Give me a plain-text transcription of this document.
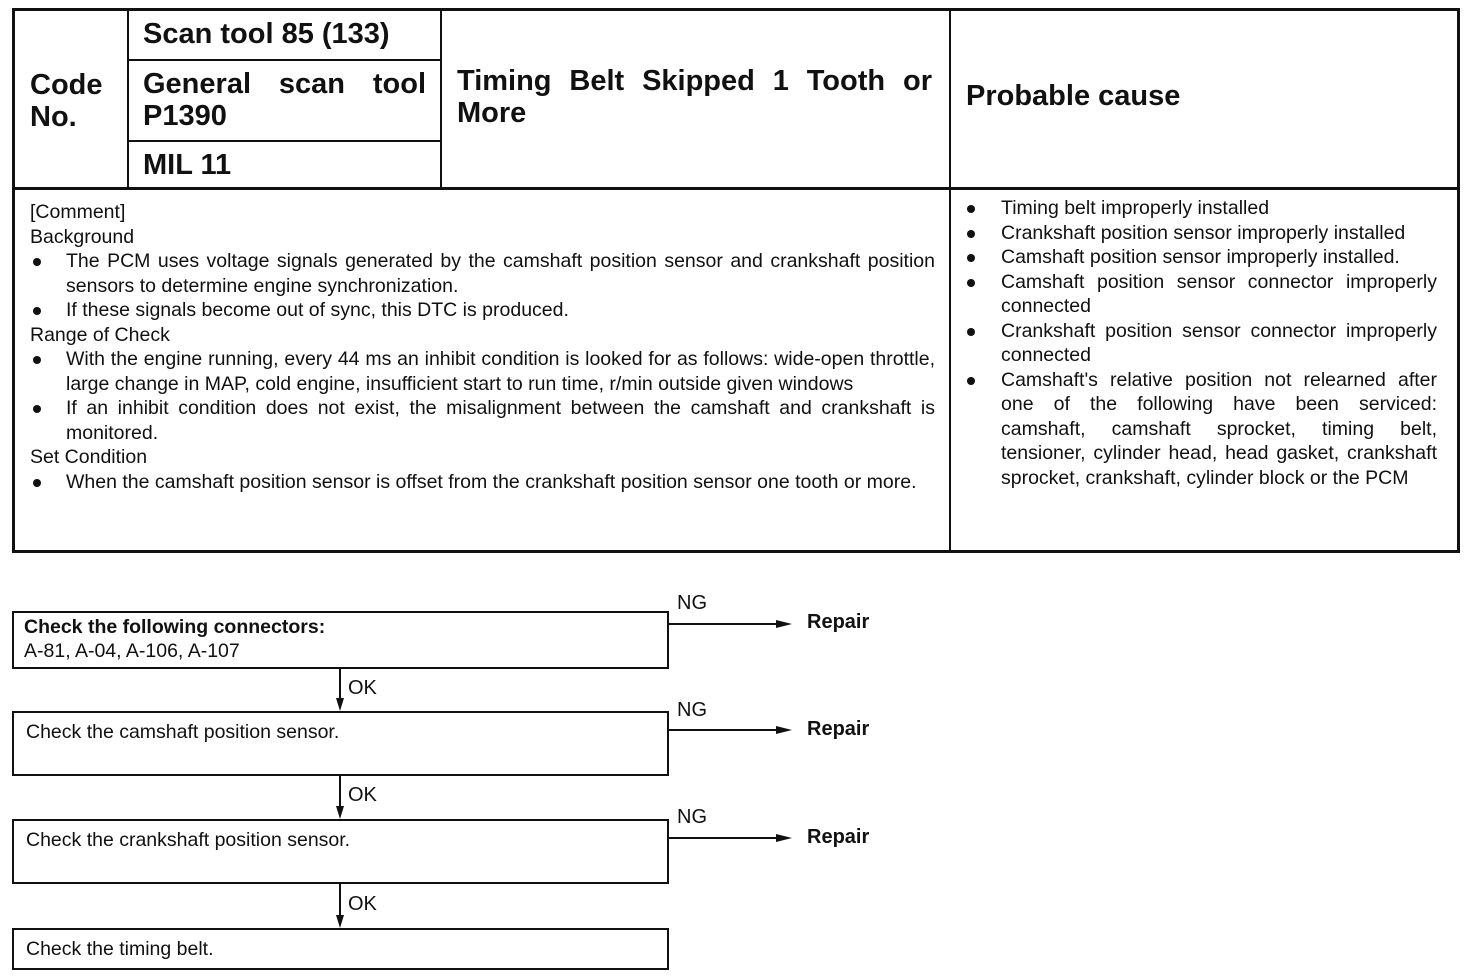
Code No.
Scan tool 85 (133)
General scan tool P1390
MIL 11
Timing Belt Skipped 1 Tooth or More
Probable cause
[Comment]
Background
The PCM uses voltage signals generated by the camshaft position sensor and crankshaft position sensors to determine engine synchronization.
If these signals become out of sync, this DTC is produced.
Range of Check
With the engine running, every 44 ms an inhibit condition is looked for as follows: wide-open throttle, large change in MAP, cold engine, insufficient start to run time, r/min outside given windows
If an inhibit condition does not exist, the misalignment between the camshaft and crankshaft is monitored.
Set Condition
When the camshaft position sensor is offset from the crankshaft position sensor one tooth or more.
Timing belt improperly installed
Crankshaft position sensor improperly installed
Camshaft position sensor improperly installed.
Camshaft position sensor connector improperly connected
Crankshaft position sensor connector improperly connected
Camshaft's relative position not relearned after one of the following have been serviced: camshaft, camshaft sprocket, timing belt, tensioner, cylinder head, head gasket, crankshaft sprocket, crankshaft, cylinder block or the PCM
Check the following connectors:
A-81, A-04, A-106, A-107
Check the camshaft position sensor.
Check the crankshaft position sensor.
Check the timing belt.
NG
NG
NG
OK
OK
OK
Repair
Repair
Repair
